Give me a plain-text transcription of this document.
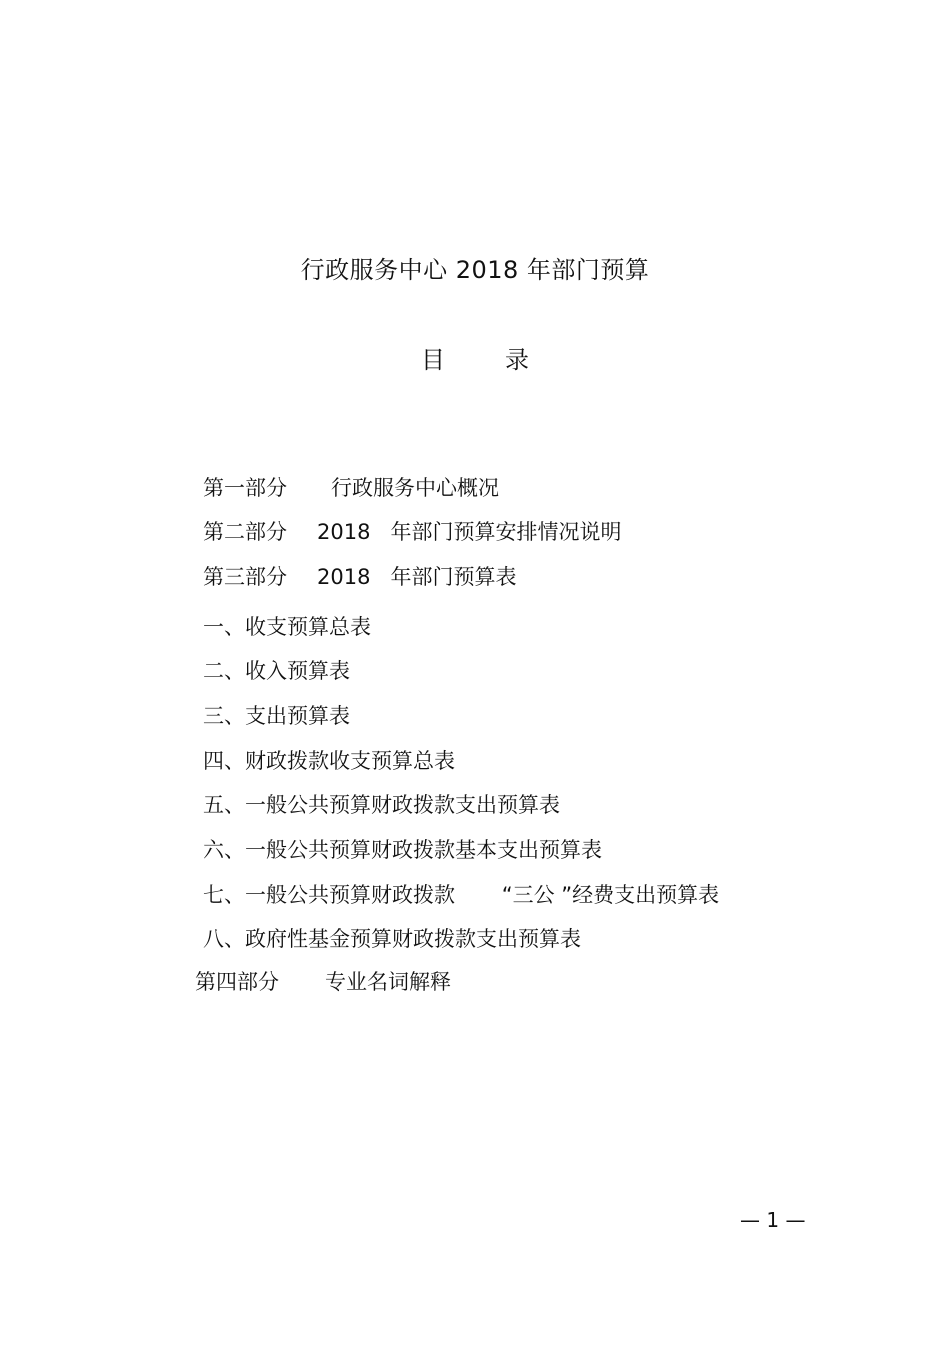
行政服务中心 2018 年部门预算
目	录
第一部分 行政服务中心概况
第二部分 2018   年部门预算安排情况说明
第三部分 2018   年部门预算表
一、收支预算总表
二、收入预算表
三、支出预算表
四、财政拨款收支预算总表
五、一般公共预算财政拨款支出预算表
六、一般公共预算财政拨款基本支出预算表
七、一般公共预算财政拨款       “三公 ”经费支出预算表
八、政府性基金预算财政拨款支出预算表
第四部分 专业名词解释
— 1 —
